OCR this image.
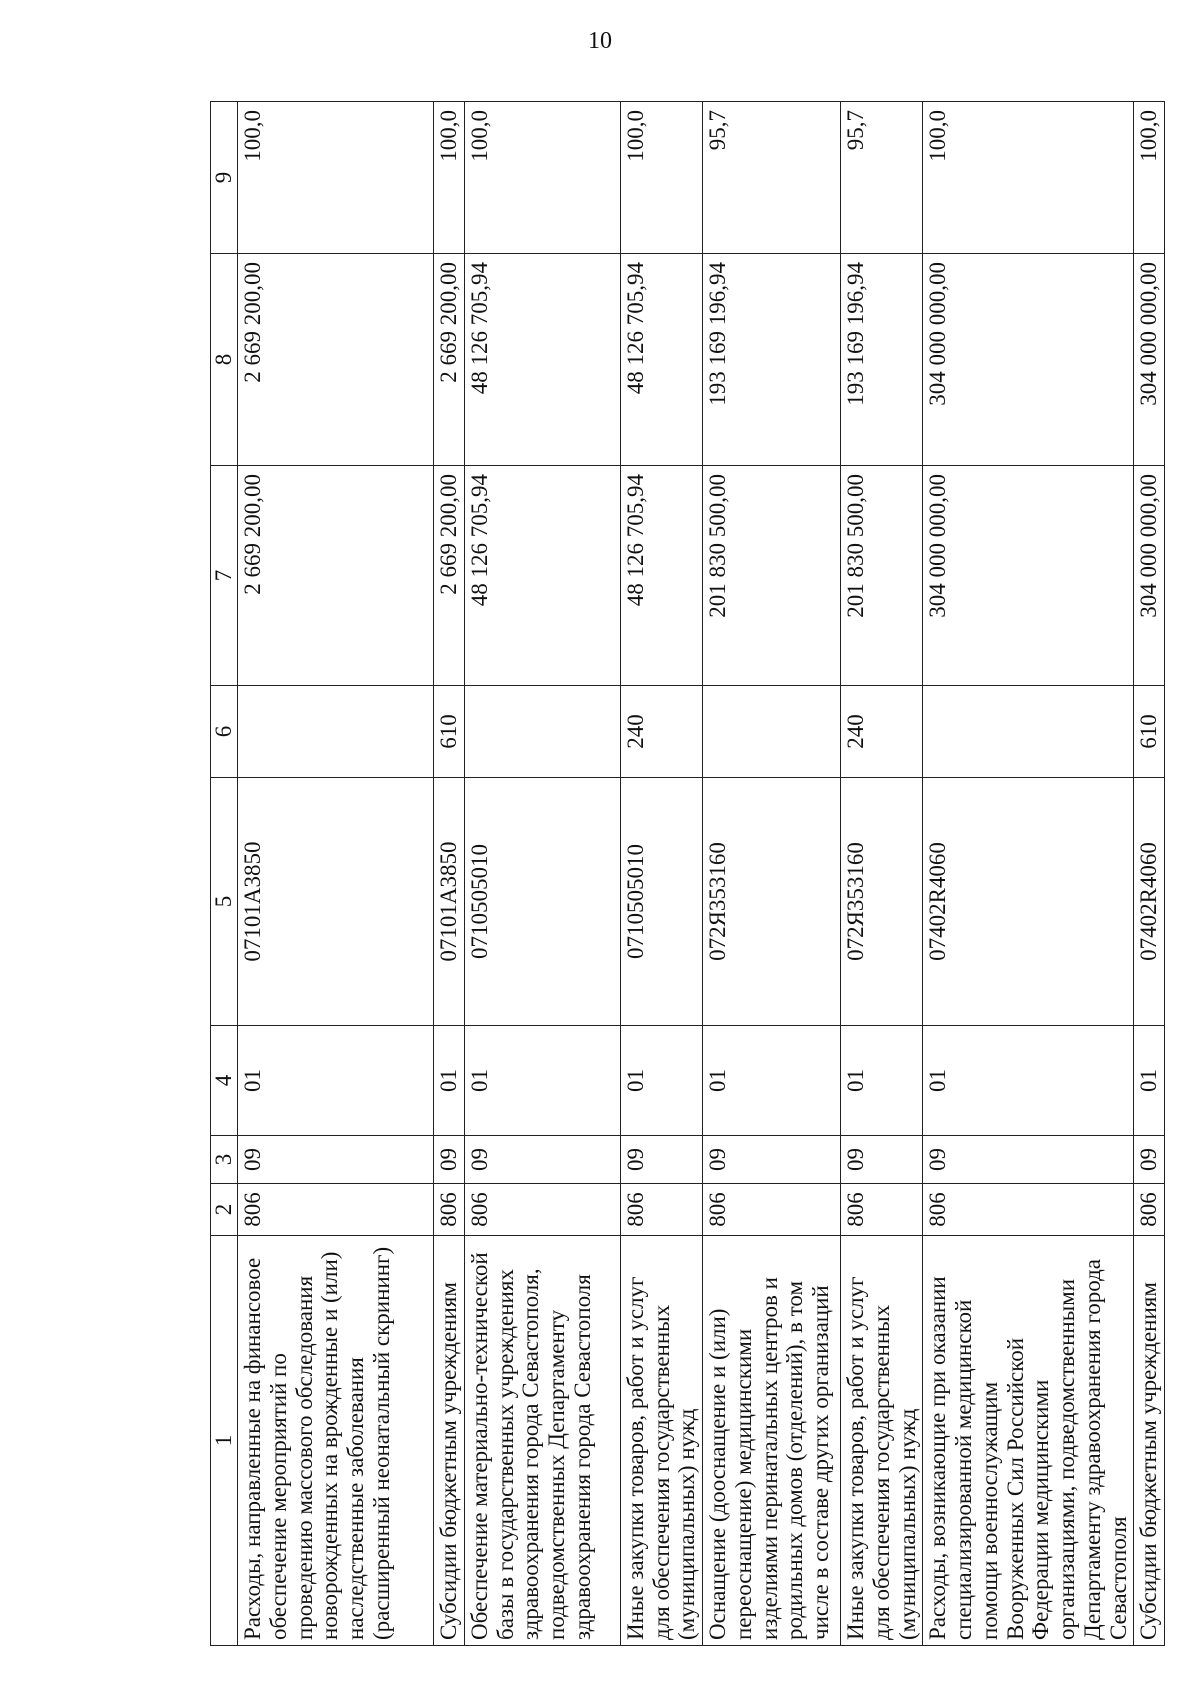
10
1	2	3	4	5	6	7	8	9
Расходы, направленные на финансовое обеспечение мероприятий по проведению массового обследования новорожденных на врожденные и (или) наследственные заболевания (расширенный неонатальный скрининг)	806	09	01	07101А3850		2 669 200,00	2 669 200,00	100,0
Субсидии бюджетным учреждениям	806	09	01	07101А3850	610	2 669 200,00	2 669 200,00	100,0
Обеспечение материально-технической базы в государственных учреждениях здравоохранения города Севастополя, подведомственных Департаменту здравоохранения города Севастополя	806	09	01	0710505010		48 126 705,94	48 126 705,94	100,0
Иные закупки товаров, работ и услуг для обеспечения государственных (муниципальных) нужд	806	09	01	0710505010	240	48 126 705,94	48 126 705,94	100,0
Оснащение (дооснащение и (или) переоснащение) медицинскими изделиями перинатальных центров и родильных домов (отделений), в том числе в составе других организаций	806	09	01	072Я353160		201 830 500,00	193 169 196,94	95,7
Иные закупки товаров, работ и услуг для обеспечения государственных (муниципальных) нужд	806	09	01	072Я353160	240	201 830 500,00	193 169 196,94	95,7
Расходы, возникающие при оказании специализированной медицинской помощи военнослужащим Вооруженных Сил Российской Федерации медицинскими организациями, подведомственными Департаменту здравоохранения города Севастополя	806	09	01	07402R4060		304 000 000,00	304 000 000,00	100,0
Субсидии бюджетным учреждениям	806	09	01	07402R4060	610	304 000 000,00	304 000 000,00	100,0
